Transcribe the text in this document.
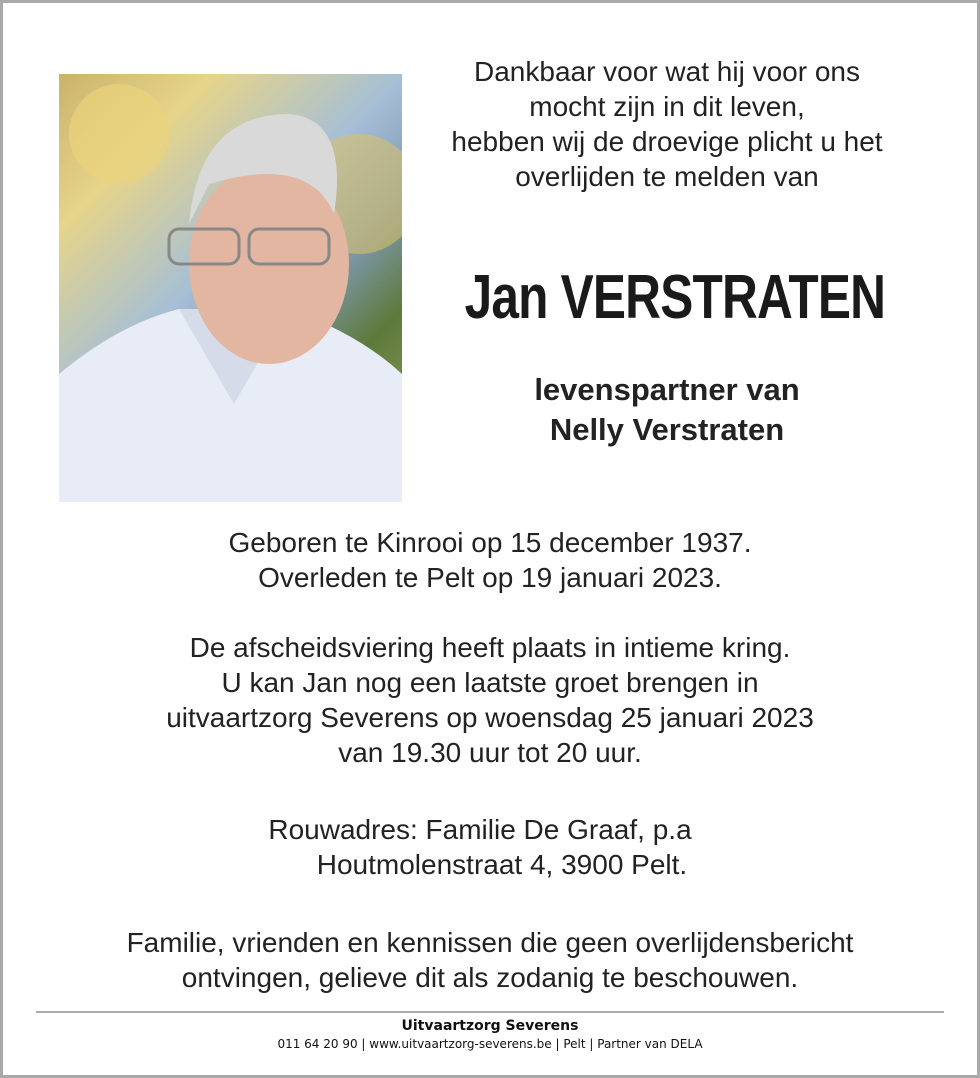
Dankbaar voor wat hij voor ons
mocht zijn in dit leven,
hebben wij de droevige plicht u het
overlijden te melden van
Jan VERSTRATEN
levenspartner van
Nelly Verstraten
Geboren te Kinrooi op 15 december 1937.
Overleden te Pelt op 19 januari 2023.
De afscheidsviering heeft plaats in intieme kring.
U kan Jan nog een laatste groet brengen in
uitvaartzorg Severens op woensdag 25 januari 2023
van 19.30 uur tot 20 uur.
Rouwadres: Familie De Graaf, p.a
Houtmolenstraat 4, 3900 Pelt.
Familie, vrienden en kennissen die geen overlijdensbericht
ontvingen, gelieve dit als zodanig te beschouwen.
Uitvaartzorg Severens
011 64 20 90 | www.uitvaartzorg-severens.be | Pelt | Partner van DELA
